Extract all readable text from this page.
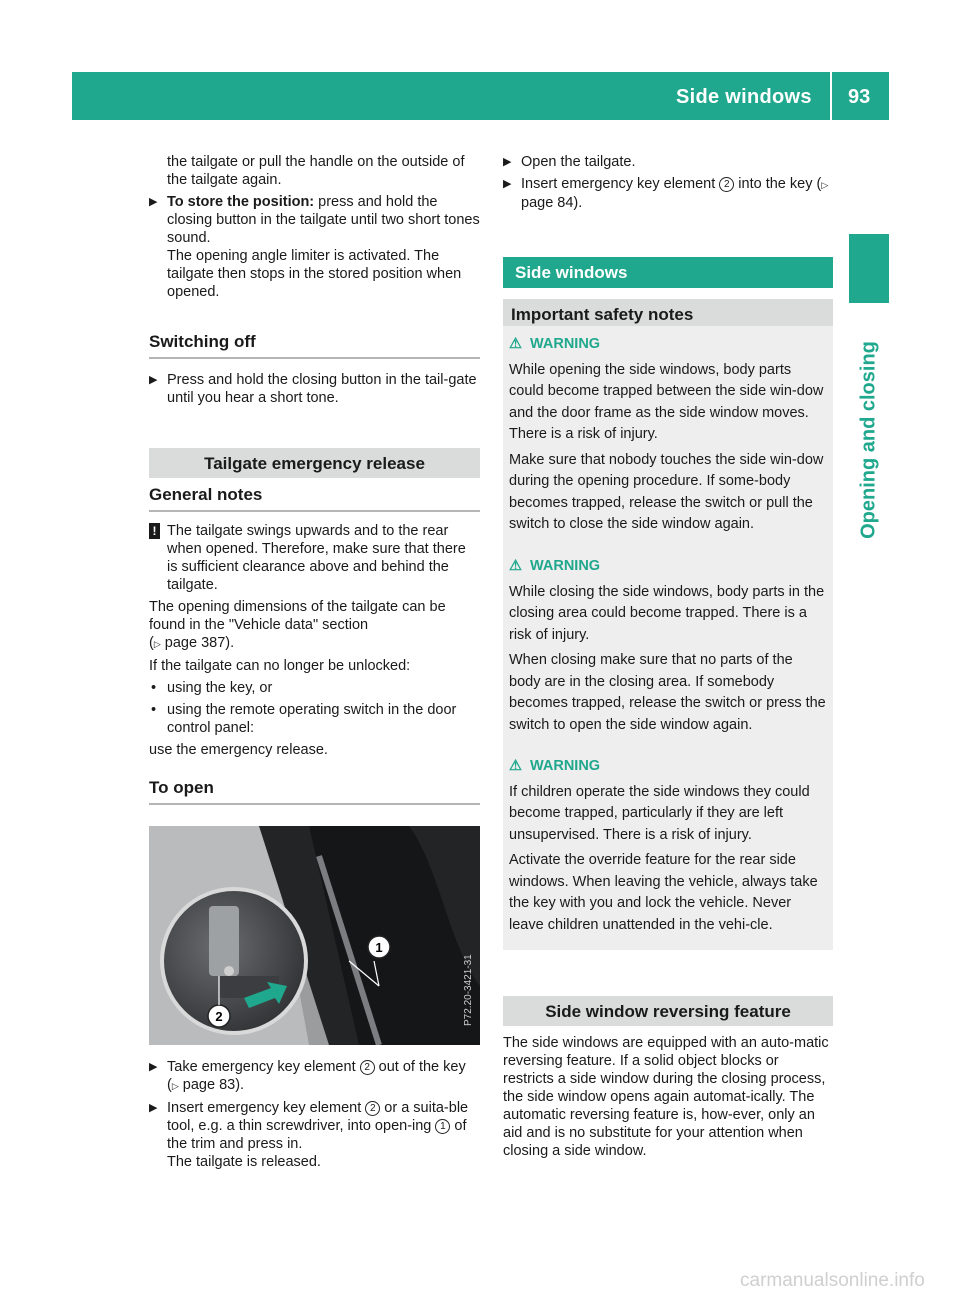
Side windows 93
Opening and closing

the tailgate or pull the handle on the outside of the tailgate again.

▶ To store the position: press and hold the closing button in the tailgate until two short tones sound.

The opening angle limiter is activated. The tailgate then stops in the stored position when opened.

Switching off
▶ Press and hold the closing button in the tail-gate until you hear a short tone.
Tailgate emergency release
General notes
! The tailgate swings upwards and to the rear when opened. Therefore, make sure that there is sufficient clearance above and behind the tailgate.

The opening dimensions of the tailgate can be found in the "Vehicle data" section
(▷ page 387).

If the tailgate can no longer be unlocked:

• using the key, or
• using the remote operating switch in the door control panel:

use the emergency release.

To open
1
2	P72.20-3421-31
▶ Take emergency key element 2 out of the key (▷ page 83).
▶ Insert emergency key element 2 or a suita-ble tool, e.g. a thin screwdriver, into open-ing 1 of the trim and press in.

The tailgate is released.

▶ Open the tailgate.
▶ Insert emergency key element 2 into the key (▷ page 84).
Side windows
Important safety notes
⚠ WARNING

While opening the side windows, body parts could become trapped between the side win-dow and the door frame as the side window moves. There is a risk of injury.

Make sure that nobody touches the side win-dow during the opening procedure. If some-body becomes trapped, release the switch or pull the switch to close the side window again.

⚠ WARNING

While closing the side windows, body parts in the closing area could become trapped. There is a risk of injury.

When closing make sure that no parts of the body are in the closing area. If somebody becomes trapped, release the switch or press the switch to open the side window again.

⚠ WARNING

If children operate the side windows they could become trapped, particularly if they are left unsupervised. There is a risk of injury.

Activate the override feature for the rear side windows. When leaving the vehicle, always take the key with you and lock the vehicle. Never leave children unattended in the vehi-cle.

Side window reversing feature

The side windows are equipped with an auto-matic reversing feature. If a solid object blocks or restricts a side window during the closing process, the side window opens again automat-ically. The automatic reversing feature is, how-ever, only an aid and is no substitute for your attention when closing a side window.

carmanualsonline.info
